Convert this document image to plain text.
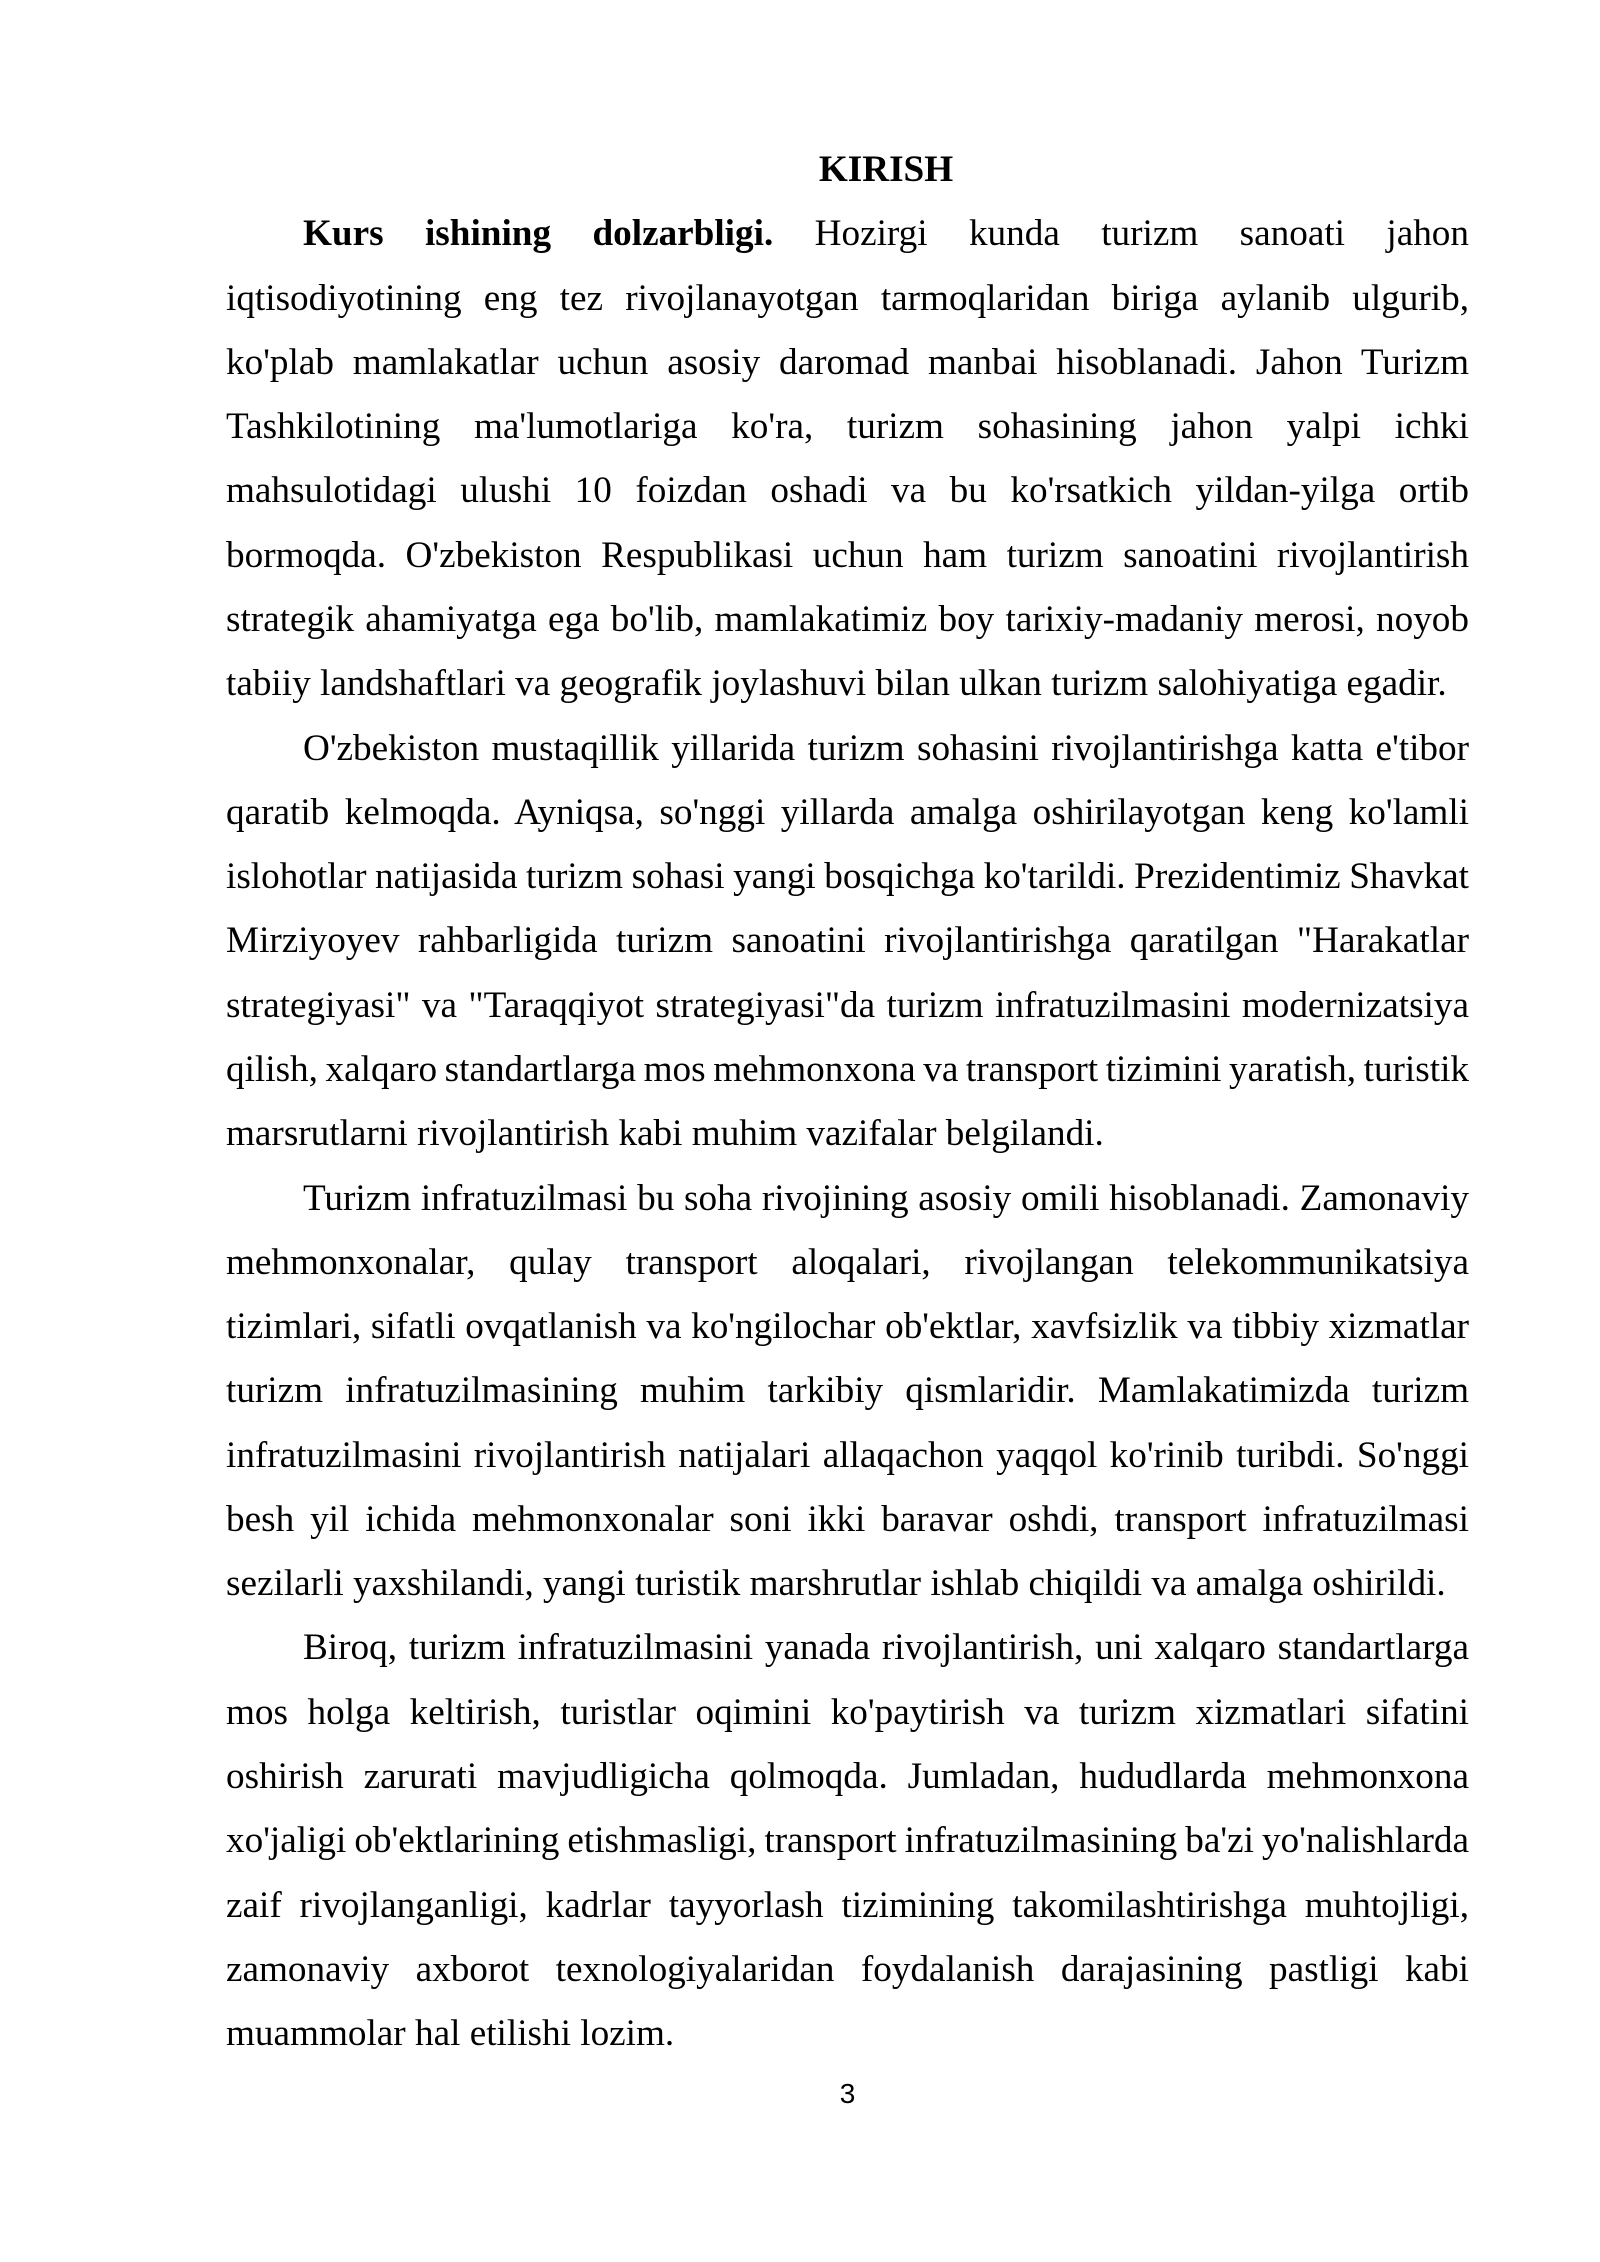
KIRISH
Kurs ishining dolzarbligi. Hozirgi kunda turizm sanoati jahon
iqtisodiyotining eng tez rivojlanayotgan tarmoqlaridan biriga aylanib ulgurib,
ko'plab mamlakatlar uchun asosiy daromad manbai hisoblanadi. Jahon Turizm
Tashkilotining ma'lumotlariga ko'ra, turizm sohasining jahon yalpi ichki
mahsulotidagi ulushi 10 foizdan oshadi va bu ko'rsatkich yildan-yilga ortib
bormoqda. O'zbekiston Respublikasi uchun ham turizm sanoatini rivojlantirish
strategik ahamiyatga ega bo'lib, mamlakatimiz boy tarixiy-madaniy merosi, noyob
tabiiy landshaftlari va geografik joylashuvi bilan ulkan turizm salohiyatiga egadir.
O'zbekiston mustaqillik yillarida turizm sohasini rivojlantirishga katta e'tibor
qaratib kelmoqda. Ayniqsa, so'nggi yillarda amalga oshirilayotgan keng ko'lamli
islohotlar natijasida turizm sohasi yangi bosqichga ko'tarildi. Prezidentimiz Shavkat
Mirziyoyev rahbarligida turizm sanoatini rivojlantirishga qaratilgan "Harakatlar
strategiyasi" va "Taraqqiyot strategiyasi"da turizm infratuzilmasini modernizatsiya
qilish, xalqaro standartlarga mos mehmonxona va transport tizimini yaratish, turistik
marsrutlarni rivojlantirish kabi muhim vazifalar belgilandi.
Turizm infratuzilmasi bu soha rivojining asosiy omili hisoblanadi. Zamonaviy
mehmonxonalar, qulay transport aloqalari, rivojlangan telekommunikatsiya
tizimlari, sifatli ovqatlanish va ko'ngilochar ob'ektlar, xavfsizlik va tibbiy xizmatlar
turizm infratuzilmasining muhim tarkibiy qismlaridir. Mamlakatimizda turizm
infratuzilmasini rivojlantirish natijalari allaqachon yaqqol ko'rinib turibdi. So'nggi
besh yil ichida mehmonxonalar soni ikki baravar oshdi, transport infratuzilmasi
sezilarli yaxshilandi, yangi turistik marshrutlar ishlab chiqildi va amalga oshirildi.
Biroq, turizm infratuzilmasini yanada rivojlantirish, uni xalqaro standartlarga
mos holga keltirish, turistlar oqimini ko'paytirish va turizm xizmatlari sifatini
oshirish zarurati mavjudligicha qolmoqda. Jumladan, hududlarda mehmonxona
xo'jaligi ob'ektlarining etishmasligi, transport infratuzilmasining ba'zi yo'nalishlarda
zaif rivojlanganligi, kadrlar tayyorlash tizimining takomilashtirishga muhtojligi,
zamonaviy axborot texnologiyalaridan foydalanish darajasining pastligi kabi
muammolar hal etilishi lozim.
3
